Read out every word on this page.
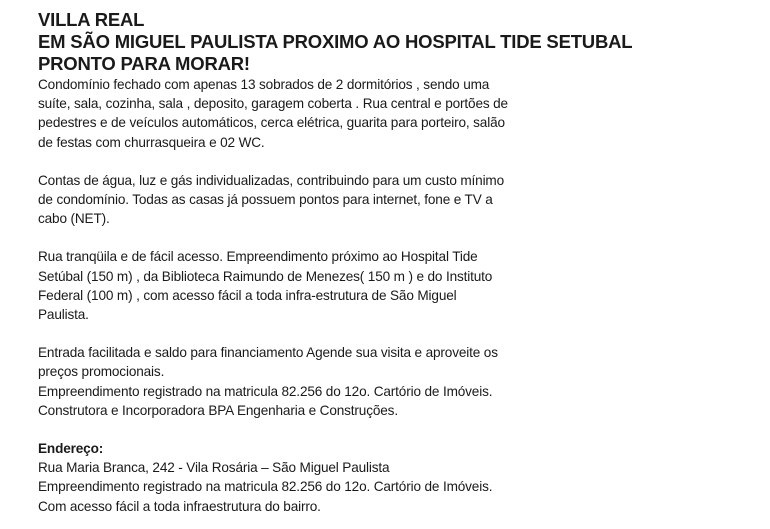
VILLA REAL
EM SÃO MIGUEL PAULISTA PROXIMO AO HOSPITAL TIDE SETUBAL
PRONTO PARA MORAR!

Condomínio fechado com apenas 13 sobrados de 2 dormitórios , sendo uma
suíte, sala, cozinha, sala , deposito, garagem coberta . Rua central e portões de
pedestres e de veículos automáticos, cerca elétrica, guarita para porteiro, salão
de festas com churrasqueira e 02 WC.

Contas de água, luz e gás individualizadas, contribuindo para um custo mínimo
de condomínio. Todas as casas já possuem pontos para internet, fone e TV a
cabo (NET).

Rua tranqüila e de fácil acesso. Empreendimento próximo ao Hospital Tide
Setúbal (150 m) , da Biblioteca Raimundo de Menezes( 150 m ) e do Instituto
Federal (100 m) , com acesso fácil a toda infra-estrutura de São Miguel
Paulista.

Entrada facilitada e saldo para financiamento Agende sua visita e aproveite os
preços promocionais.
Empreendimento registrado na matricula 82.256 do 12o. Cartório de Imóveis.
Construtora e Incorporadora BPA Engenharia e Construções.

Endereço:
Rua Maria Branca, 242 - Vila Rosária – São Miguel Paulista
Empreendimento registrado na matricula 82.256 do 12o. Cartório de Imóveis.
Com acesso fácil a toda infraestrutura do bairro.
